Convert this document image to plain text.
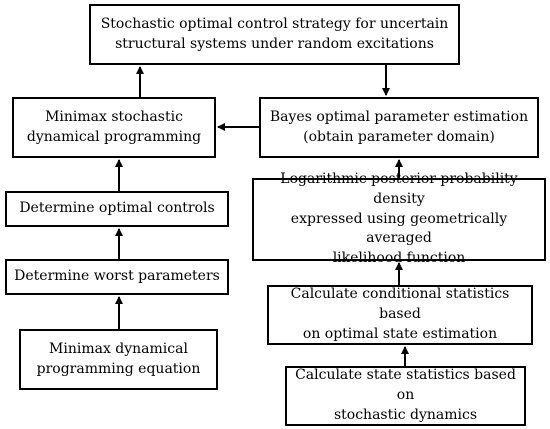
Stochastic optimal control strategy for uncertain
structural systems under random excitations
Minimax stochastic
dynamical programming
Bayes optimal parameter estimation
(obtain parameter domain)
Determine optimal controls
Logarithmic posterior probability density
expressed using geometrically averaged
likelihood function
Determine worst parameters
Calculate conditional statistics based
on optimal state estimation
Minimax dynamical
programming equation	Calculate state statistics based on
stochastic dynamics
